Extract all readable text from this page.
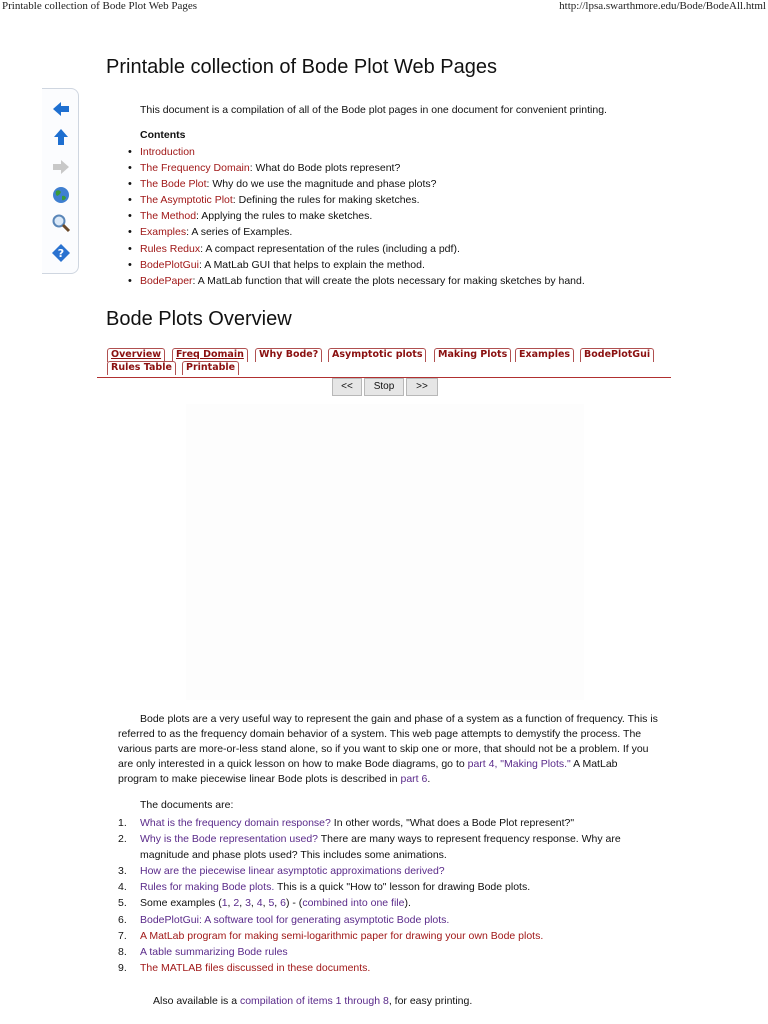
Printable collection of Bode Plot Web Pages	http://lpsa.swarthmore.edu/Bode/BodeAll.html
?
Printable collection of Bode Plot Web Pages
This document is a compilation of all of the Bode plot pages in one document for convenient printing.
Contents
• Introduction
• The Frequency Domain: What do Bode plots represent?
• The Bode Plot: Why do we use the magnitude and phase plots?
• The Asymptotic Plot: Defining the rules for making sketches.
• The Method: Applying the rules to make sketches.
• Examples: A series of Examples.
• Rules Redux: A compact representation of the rules (including a pdf).
• BodePlotGui: A MatLab GUI that helps to explain the method.
• BodePaper: A MatLab function that will create the plots necessary for making sketches by hand.
Bode Plots Overview
Overview	Freq Domain	Why Bode?	Asymptotic plots	Making Plots	Examples	BodePlotGui
Rules Table	Printable
<<	Stop	>>
Bode plots are a very useful way to represent the gain and phase of a system as a function of frequency. This is referred to as the frequency domain behavior of a system. This web page attempts to demystify the process. The various parts are more-or-less stand alone, so if you want to skip one or more, that should not be a problem. If you are only interested in a quick lesson on how to make Bode diagrams, go to part 4, "Making Plots." A MatLab program to make piecewise linear Bode plots is described in part 6.
The documents are:
1. What is the frequency domain response? In other words, "What does a Bode Plot represent?"
2. Why is the Bode representation used? There are many ways to represent frequency response. Why are magnitude and phase plots used? This includes some animations.
3. How are the piecewise linear asymptotic approximations derived?
4. Rules for making Bode plots. This is a quick "How to" lesson for drawing Bode plots.
5. Some examples (1, 2, 3, 4, 5, 6) - (combined into one file).
6. BodePlotGui: A software tool for generating asymptotic Bode plots.
7. A MatLab program for making semi-logarithmic paper for drawing your own Bode plots.
8. A table summarizing Bode rules
9. The MATLAB files discussed in these documents.
Also available is a compilation of items 1 through 8, for easy printing.
